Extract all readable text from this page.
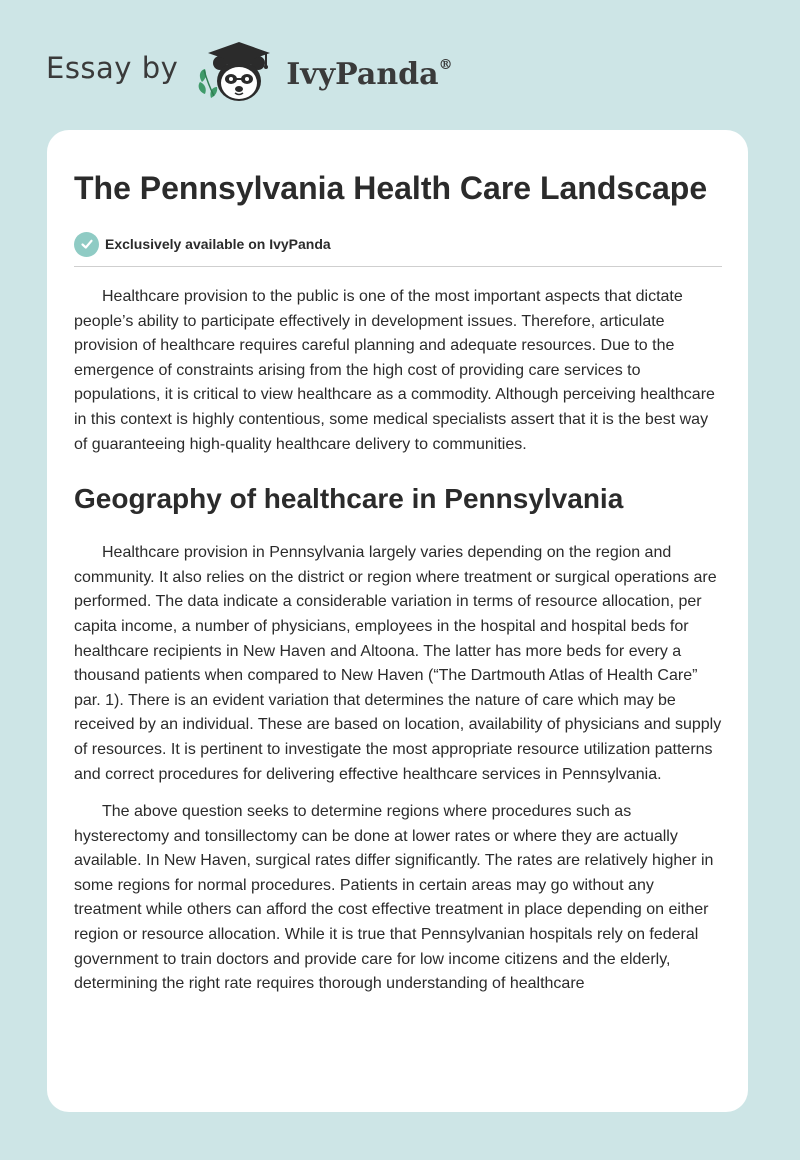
Essay by	IvyPanda®
The Pennsylvania Health Care Landscape
Exclusively available on IvyPanda

Healthcare provision to the public is one of the most important aspects that dictate people’s ability to participate effectively in development issues. Therefore, articulate provision of healthcare requires careful planning and adequate resources. Due to the emergence of constraints arising from the high cost of providing care services to populations, it is critical to view healthcare as a commodity. Although perceiving healthcare in this context is highly contentious, some medical specialists assert that it is the best way of guaranteeing high-quality healthcare delivery to communities.

Geography of healthcare in Pennsylvania

Healthcare provision in Pennsylvania largely varies depending on the region and community. It also relies on the district or region where treatment or surgical operations are performed. The data indicate a considerable variation in terms of resource allocation, per capita income, a number of physicians, employees in the hospital and hospital beds for healthcare recipients in New Haven and Altoona. The latter has more beds for every a thousand patients when compared to New Haven (“The Dartmouth Atlas of Health Care” par. 1). There is an evident variation that determines the nature of care which may be received by an individual. These are based on location, availability of physicians and supply of resources. It is pertinent to investigate the most appropriate resource utilization patterns and correct procedures for delivering effective healthcare services in Pennsylvania.

The above question seeks to determine regions where procedures such as hysterectomy and tonsillectomy can be done at lower rates or where they are actually available. In New Haven, surgical rates differ significantly. The rates are relatively higher in some regions for normal procedures. Patients in certain areas may go without any treatment while others can afford the cost effective treatment in place depending on either region or resource allocation. While it is true that Pennsylvanian hospitals rely on federal government to train doctors and provide care for low income citizens and the elderly, determining the right rate requires thorough understanding of healthcare
